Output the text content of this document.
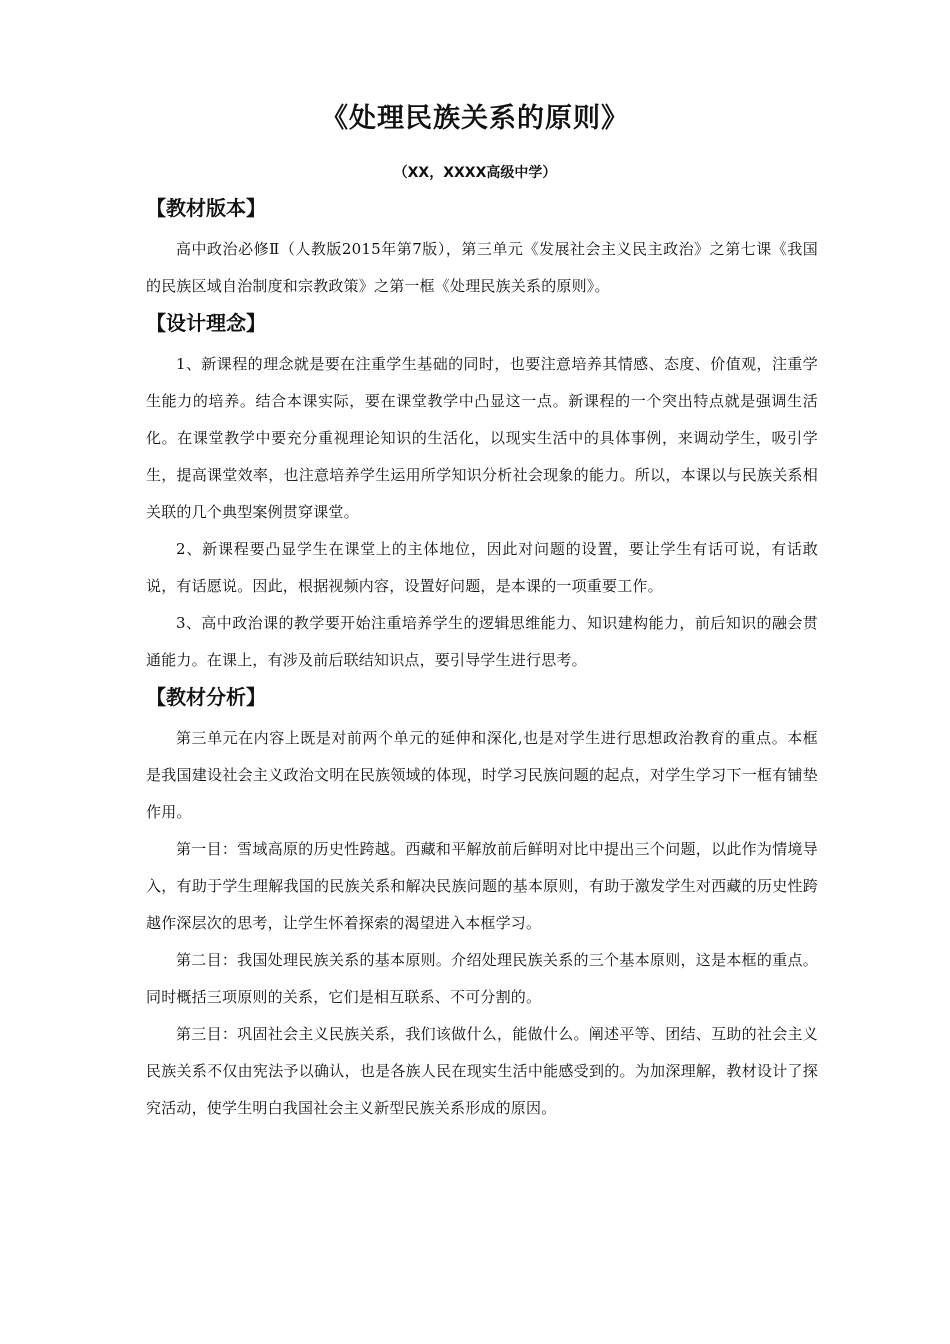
《处理民族关系的原则》
（XX，XXXX高级中学）
【教材版本】

高中政治必修Ⅱ（人教版2015年第7版），第三单元《发展社会主义民主政治》之第七课《我国的民族区域自治制度和宗教政策》之第一框《处理民族关系的原则》。

【设计理念】

1、新课程的理念就是要在注重学生基础的同时，也要注意培养其情感、态度、价值观，注重学生能力的培养。结合本课实际，要在课堂教学中凸显这一点。新课程的一个突出特点就是强调生活化。在课堂教学中要充分重视理论知识的生活化，以现实生活中的具体事例，来调动学生，吸引学生，提高课堂效率，也注意培养学生运用所学知识分析社会现象的能力。所以，本课以与民族关系相关联的几个典型案例贯穿课堂。

2、新课程要凸显学生在课堂上的主体地位，因此对问题的设置，要让学生有话可说，有话敢说，有话愿说。因此，根据视频内容，设置好问题，是本课的一项重要工作。

3、高中政治课的教学要开始注重培养学生的逻辑思维能力、知识建构能力，前后知识的融会贯通能力。在课上，有涉及前后联结知识点，要引导学生进行思考。

【教材分析】

第三单元在内容上既是对前两个单元的延伸和深化,也是对学生进行思想政治教育的重点。本框是我国建设社会主义政治文明在民族领域的体现，时学习民族问题的起点，对学生学习下一框有铺垫作用。

第一目：雪域高原的历史性跨越。西藏和平解放前后鲜明对比中提出三个问题，以此作为情境导入，有助于学生理解我国的民族关系和解决民族问题的基本原则，有助于激发学生对西藏的历史性跨越作深层次的思考，让学生怀着探索的渴望进入本框学习。

第二目：我国处理民族关系的基本原则。介绍处理民族关系的三个基本原则，这是本框的重点。同时概括三项原则的关系，它们是相互联系、不可分割的。

第三目：巩固社会主义民族关系，我们该做什么，能做什么。阐述平等、团结、互助的社会主义民族关系不仅由宪法予以确认，也是各族人民在现实生活中能感受到的。为加深理解，教材设计了探究活动，使学生明白我国社会主义新型民族关系形成的原因。
